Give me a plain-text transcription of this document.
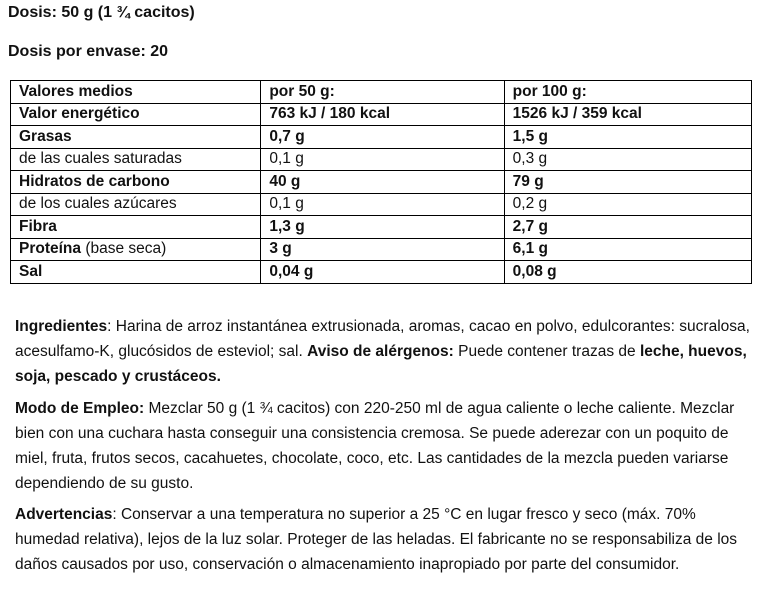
Dosis: 50 g (1 ¾ cacitos)
Dosis por envase: 20
Valores medios	por 50 g:	por 100 g:
Valor energético	763 kJ / 180 kcal	1526 kJ / 359 kcal
Grasas	0,7 g	1,5 g
de las cuales saturadas	0,1 g	0,3 g
Hidratos de carbono	40 g	79 g
de los cuales azúcares	0,1 g	0,2 g
Fibra	1,3 g	2,7 g
Proteína (base seca)	3 g	6,1 g
Sal	0,04 g	0,08 g

Ingredientes: Harina de arroz instantánea extrusionada, aromas, cacao en polvo, edulcorantes: sucralosa, acesulfamo-K, glucósidos de esteviol; sal. Aviso de alérgenos: Puede contener trazas de leche, huevos, soja, pescado y crustáceos.

Modo de Empleo: Mezclar 50 g (1 ¾ cacitos) con 220-250 ml de agua caliente o leche caliente. Mezclar bien con una cuchara hasta conseguir una consistencia cremosa. Se puede aderezar con un poquito de miel, fruta, frutos secos, cacahuetes, chocolate, coco, etc. Las cantidades de la mezcla pueden variarse dependiendo de su gusto.

Advertencias: Conservar a una temperatura no superior a 25 °C en lugar fresco y seco (máx. 70% humedad relativa), lejos de la luz solar. Proteger de las heladas. El fabricante no se responsabiliza de los daños causados por uso, conservación o almacenamiento inapropiado por parte del consumidor.
